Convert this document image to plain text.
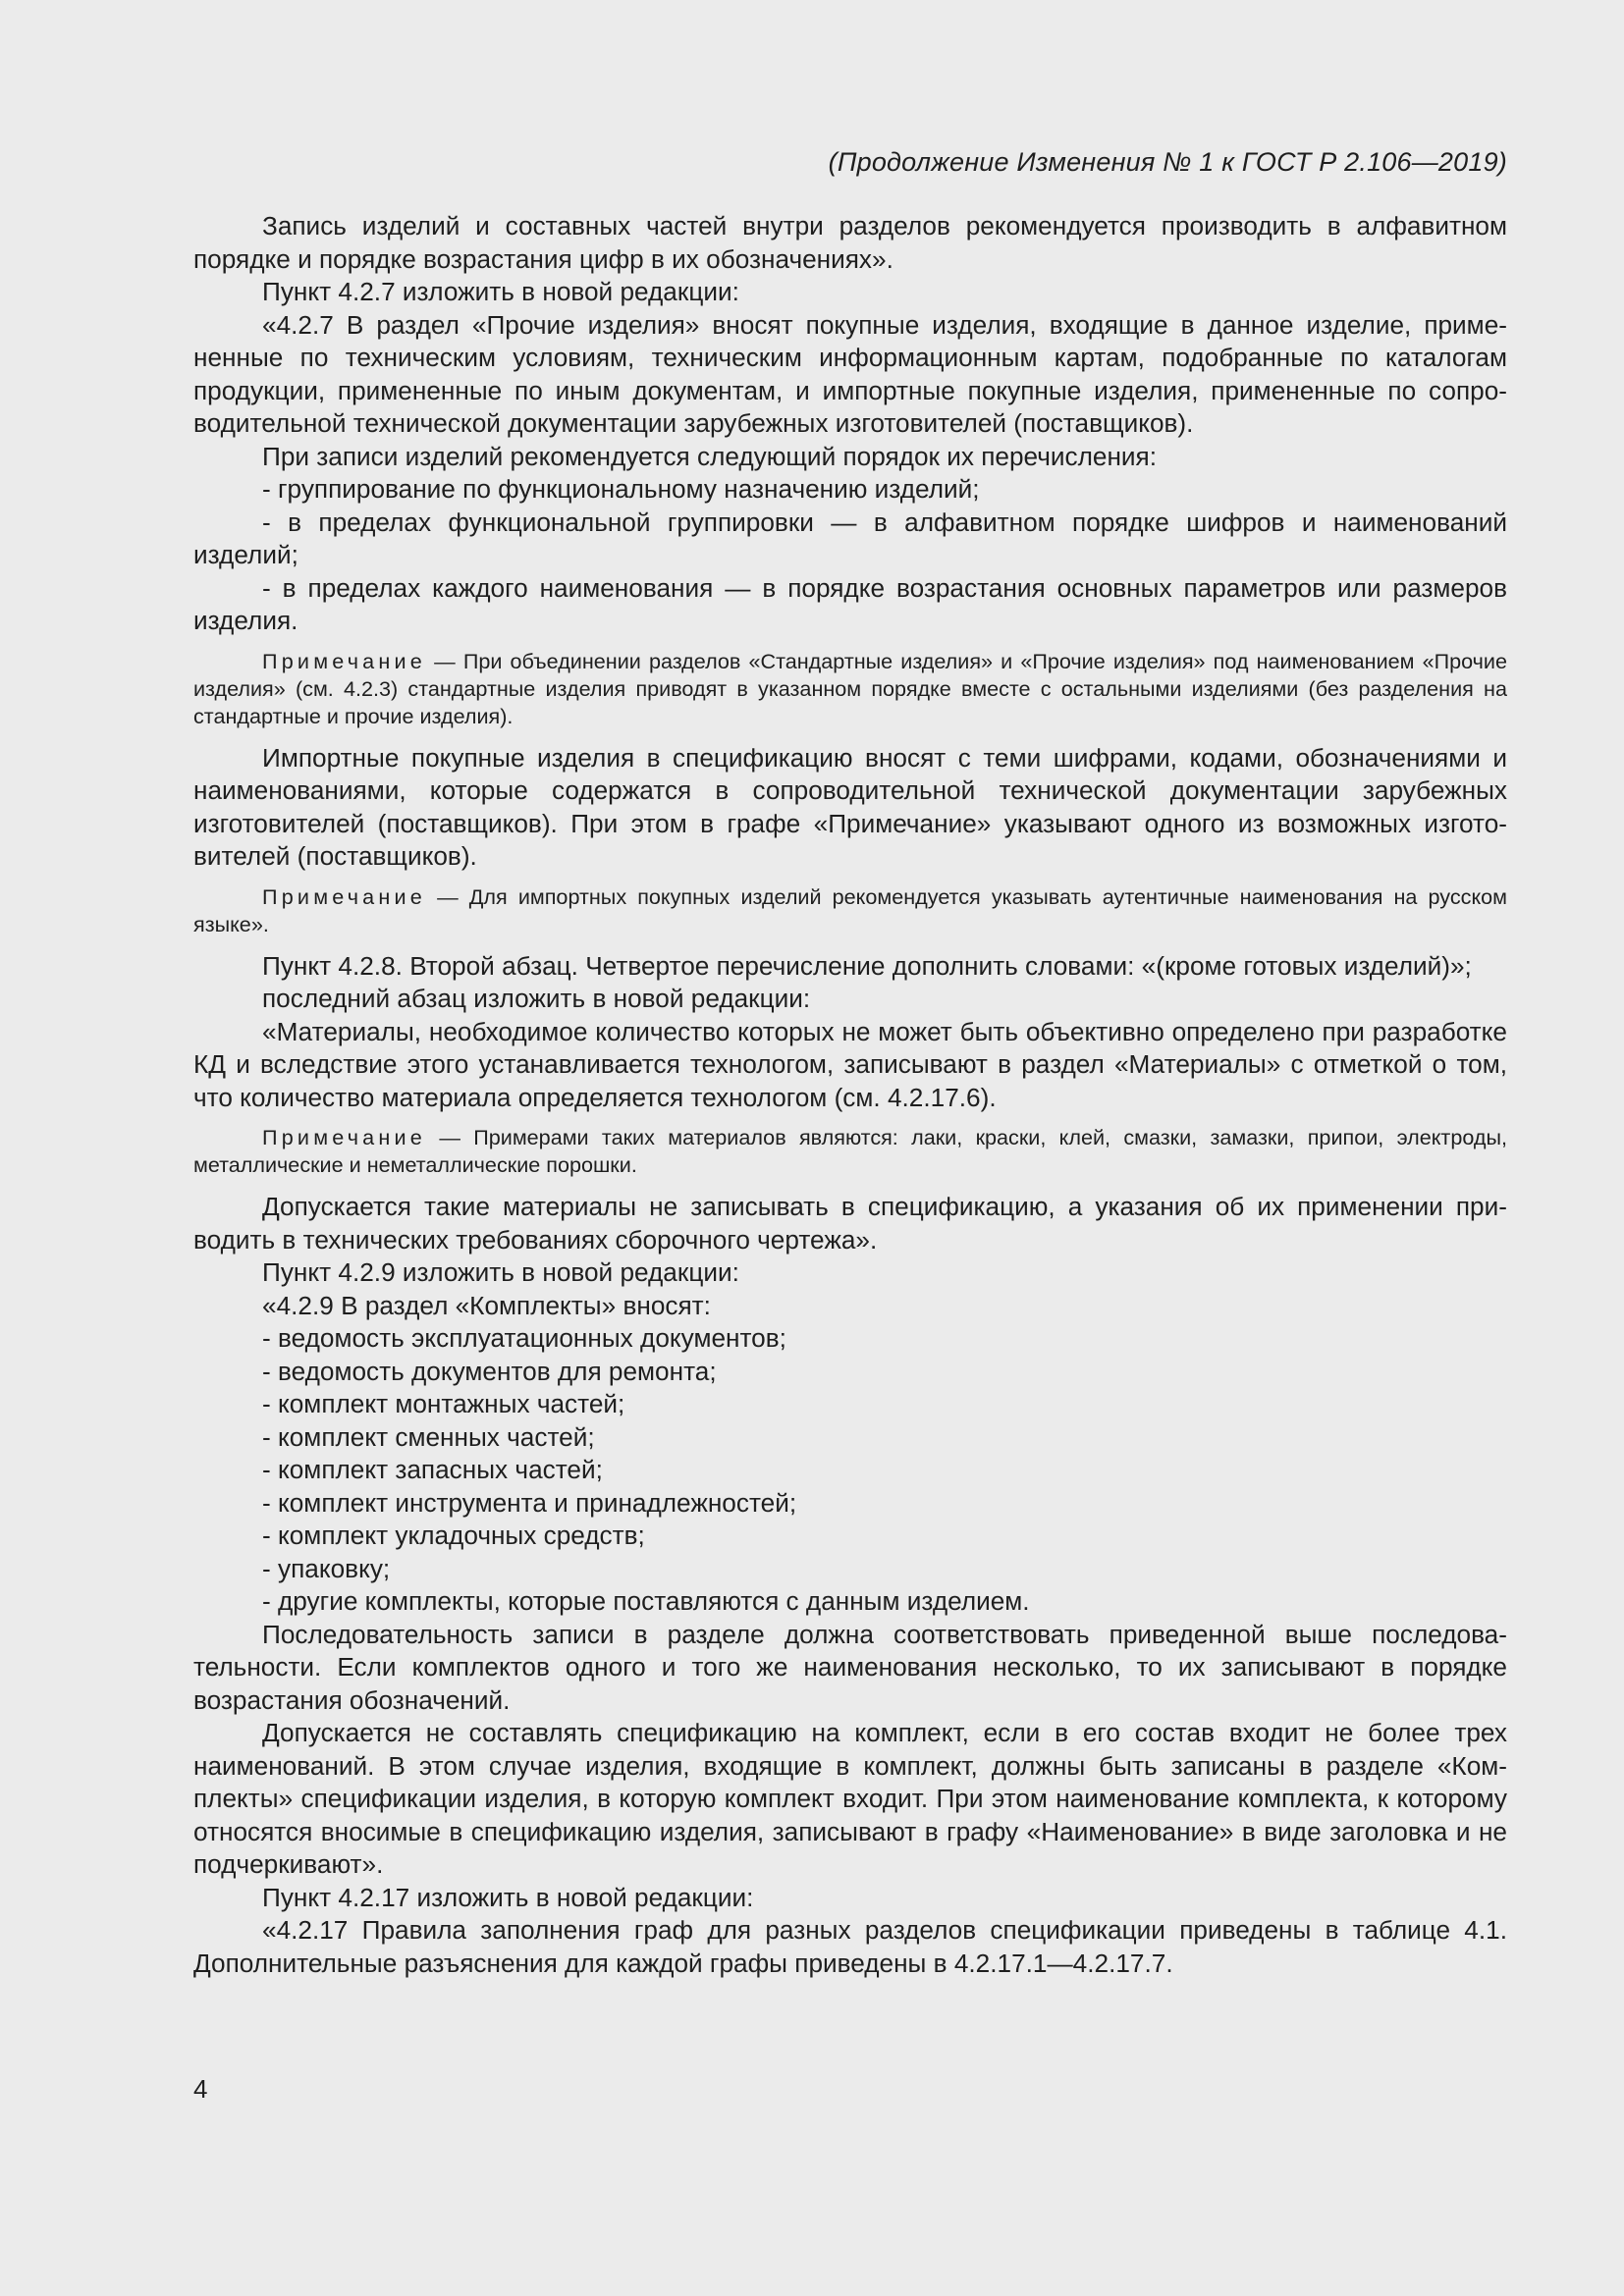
(Продолжение Изменения № 1 к ГОСТ Р 2.106—2019)

Запись изделий и составных частей внутри разделов рекомендуется производить в алфавитном порядке и порядке возрастания цифр в их обозначениях».

Пункт 4.2.7 изложить в новой редакции:

«4.2.7 В раздел «Прочие изделия» вносят покупные изделия, входящие в данное изделие, примененные по техническим условиям, техническим информационным картам, подобранные по каталогам продукции, примененные по иным документам, и импортные покупные изделия, примененные по сопроводительной технической документации зарубежных изготовителей (поставщиков).

При записи изделий рекомендуется следующий порядок их перечисления:

- группирование по функциональному назначению изделий;

- в пределах функциональной группировки — в алфавитном порядке шифров и наименований изделий;

- в пределах каждого наименования — в порядке возрастания основных параметров или размеров изделия.

Примечание — При объединении разделов «Стандартные изделия» и «Прочие изделия» под наименованием «Прочие изделия» (см. 4.2.3) стандартные изделия приводят в указанном порядке вместе с остальными изделиями (без разделения на стандартные и прочие изделия).

Импортные покупные изделия в спецификацию вносят с теми шифрами, кодами, обозначениями и наименованиями, которые содержатся в сопроводительной технической документации зарубежных изготовителей (поставщиков). При этом в графе «Примечание» указывают одного из возможных изготовителей (поставщиков).

Примечание — Для импортных покупных изделий рекомендуется указывать аутентичные наименования на русском языке».

Пункт 4.2.8. Второй абзац. Четвертое перечисление дополнить словами: «(кроме готовых изделий)»;

последний абзац изложить в новой редакции:

«Материалы, необходимое количество которых не может быть объективно определено при разработке КД и вследствие этого устанавливается технологом, записывают в раздел «Материалы» с отметкой о том, что количество материала определяется технологом (см. 4.2.17.6).

Примечание — Примерами таких материалов являются: лаки, краски, клей, смазки, замазки, припои, электроды, металлические и неметаллические порошки.

Допускается такие материалы не записывать в спецификацию, а указания об их применении приводить в технических требованиях сборочного чертежа».

Пункт 4.2.9 изложить в новой редакции:

«4.2.9 В раздел «Комплекты» вносят:

- ведомость эксплуатационных документов;

- ведомость документов для ремонта;

- комплект монтажных частей;

- комплект сменных частей;

- комплект запасных частей;

- комплект инструмента и принадлежностей;

- комплект укладочных средств;

- упаковку;

- другие комплекты, которые поставляются с данным изделием.

Последовательность записи в разделе должна соответствовать приведенной выше последовательности. Если комплектов одного и того же наименования несколько, то их записывают в порядке возрастания обозначений.

Допускается не составлять спецификацию на комплект, если в его состав входит не более трех наименований. В этом случае изделия, входящие в комплект, должны быть записаны в разделе «Комплекты» спецификации изделия, в которую комплект входит. При этом наименование комплекта, к которому относятся вносимые в спецификацию изделия, записывают в графу «Наименование» в виде заголовка и не подчеркивают».

Пункт 4.2.17 изложить в новой редакции:

«4.2.17 Правила заполнения граф для разных разделов спецификации приведены в таблице 4.1. Дополнительные разъяснения для каждой графы приведены в 4.2.17.1—4.2.17.7.

4
